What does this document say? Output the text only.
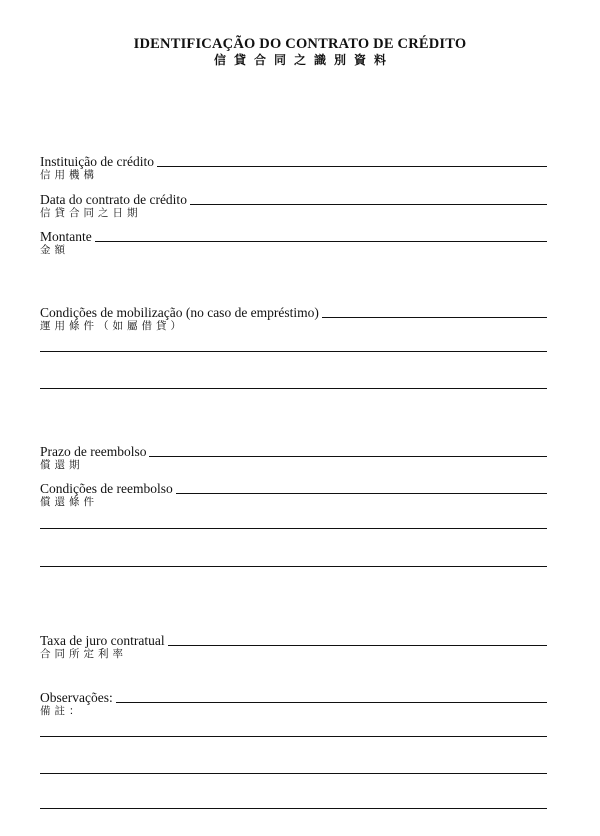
IDENTIFICAÇÃO DO CONTRATO DE CRÉDITO
信貸合同之識別資料
Instituição de crédito
信用機構
Data do contrato de crédito
信貸合同之日期
Montante
金額
Condições de mobilização (no caso de empréstimo)
運用條件（如屬借貸）
Prazo de reembolso
償還期
Condições de reembolso
償還條件
Taxa de juro contratual
合同所定利率
Observações:
備註：
